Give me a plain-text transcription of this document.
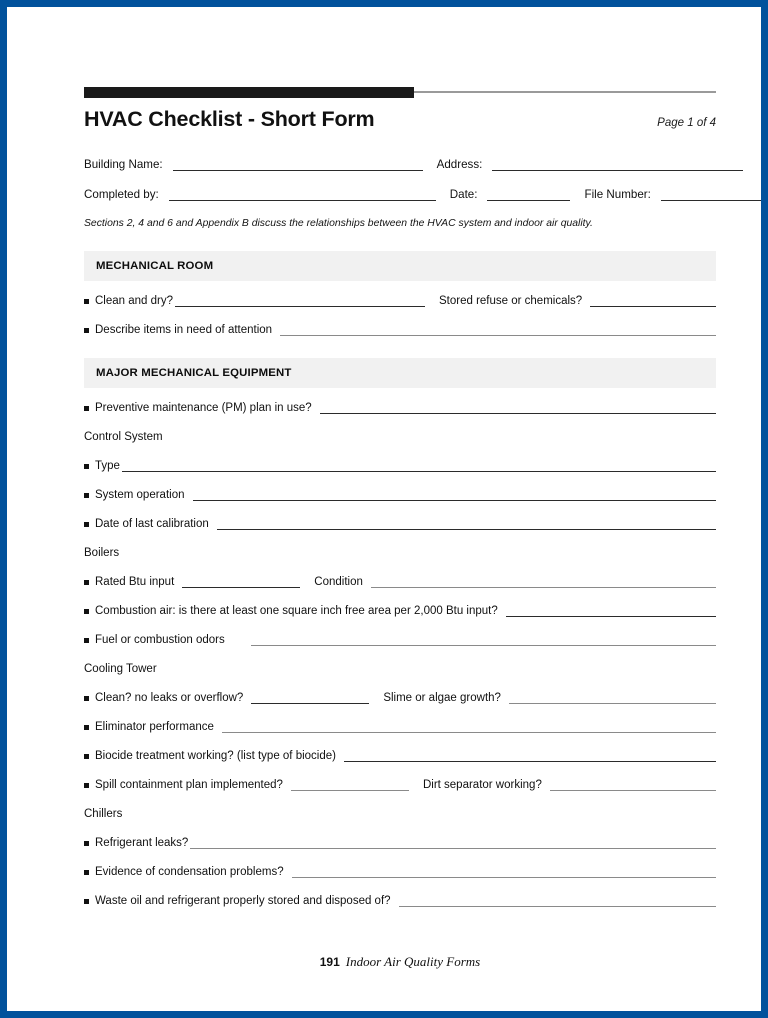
HVAC Checklist - Short Form	Page 1 of 4
Building Name:	Address:
Completed by:	Date:	File Number:

Sections 2, 4 and 6 and Appendix B discuss the relationships between the HVAC system and indoor air quality.

MECHANICAL ROOM
Clean and dry?	Stored refuse or chemicals?
Describe items in need of attention
MAJOR MECHANICAL EQUIPMENT
Preventive maintenance (PM) plan in use?
Control System
Type
System operation
Date of last calibration
Boilers
Rated Btu input	Condition
Combustion air: is there at least one square inch free area per 2,000 Btu input?
Fuel or combustion odors
Cooling Tower
Clean? no leaks or overflow?	Slime or algae growth?
Eliminator performance
Biocide treatment working? (list type of biocide)
Spill containment plan implemented?	Dirt separator working?
Chillers
Refrigerant leaks?
Evidence of condensation problems?
Waste oil and refrigerant properly stored and disposed of?
191 Indoor Air Quality Forms
